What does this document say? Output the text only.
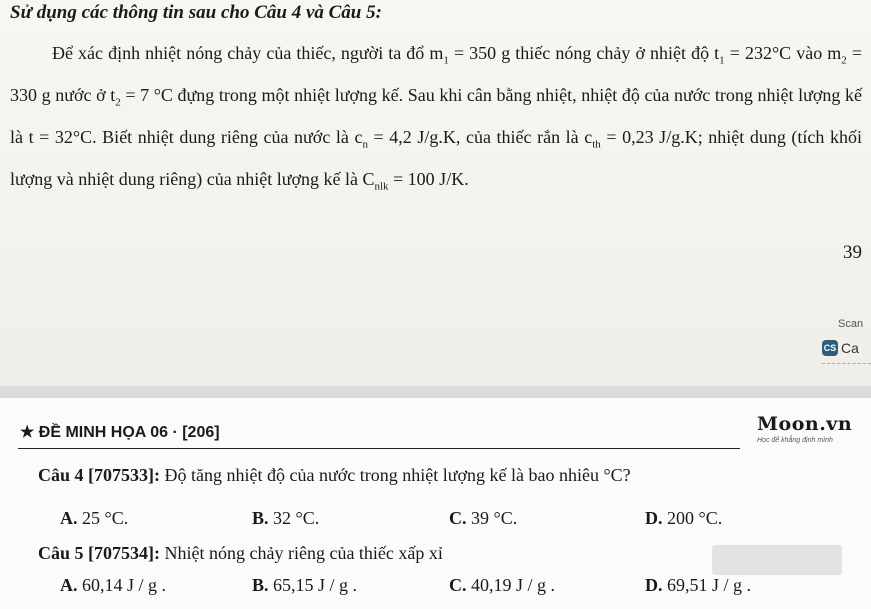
Sử dụng các thông tin sau cho Câu 4 và Câu 5:
Để xác định nhiệt nóng chảy của thiếc, người ta đổ $m_1 = 350$ g thiếc nóng chảy ở nhiệt độ $t_1 = 232^\circ C$ vào $m_2 = 330$ g nước ở $t_2 = 7$ °C đựng trong một nhiệt lượng kế. Sau khi cân bằng nhiệt, nhiệt độ của nước trong nhiệt lượng kế là t = 32°C. Biết nhiệt dung riêng của nước là $c_n = 4,2$ J/g.K, của thiếc rắn là $c_{th} = 0,23$ J/g.K; nhiệt dung (tích khối lượng và nhiệt dung riêng) của nhiệt lượng kế là $C_{nlk} = 100$ J/K.
39
Scan
CS Ca
★ ĐỀ MINH HỌA 06 · [206]	Moon.vn
Học để khẳng định mình
Câu 4 [707533]: Độ tăng nhiệt độ của nước trong nhiệt lượng kế là bao nhiêu °C?
A. 25 °C.	B. 32 °C.	C. 39 °C.	D. 200 °C.
Câu 5 [707534]: Nhiệt nóng chảy riêng của thiếc xấp xỉ
A. 60,14 J / g .	B. 65,15 J / g .	C. 40,19 J / g .	D. 69,51 J / g .
